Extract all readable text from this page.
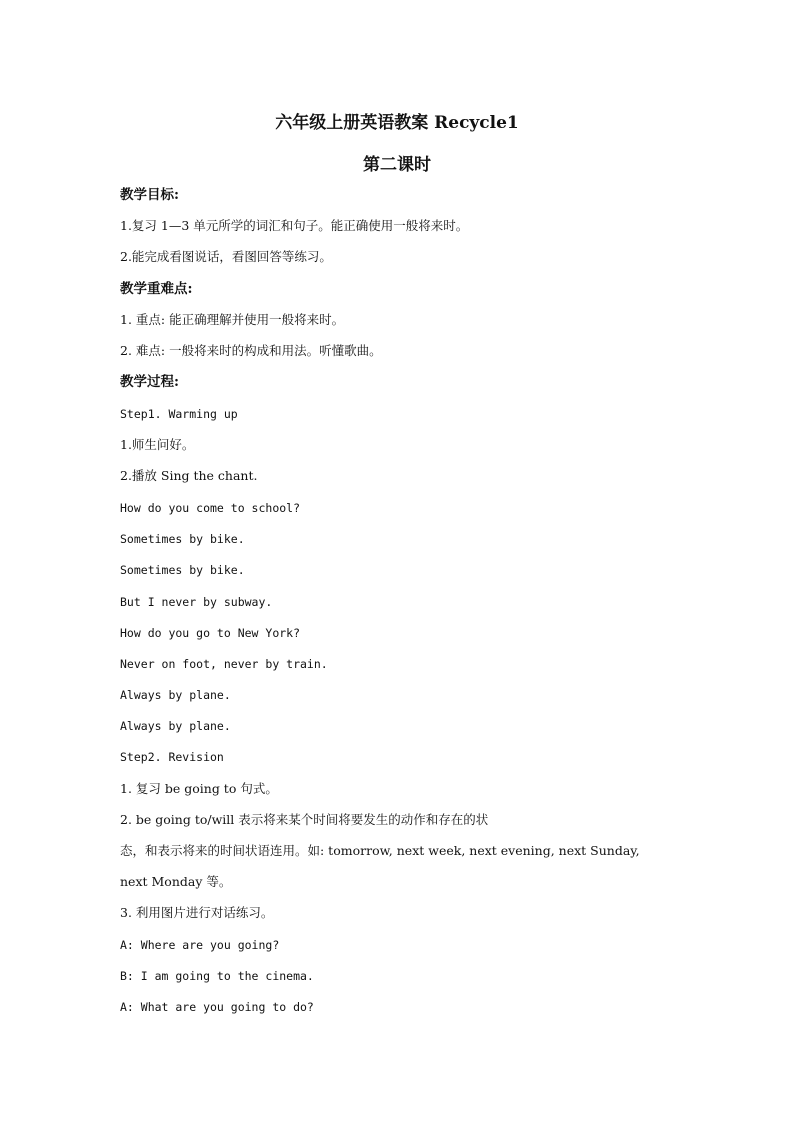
六年级上册英语教案 Recycle1
第二课时
教学目标:
1.复习 1—3 单元所学的词汇和句子。能正确使用一般将来时。
2.能完成看图说话，看图回答等练习。
教学重难点:
1. 重点: 能正确理解并使用一般将来时。
2. 难点: 一般将来时的构成和用法。听懂歌曲。
教学过程:
Step1. Warming up
1.师生问好。
2.播放 Sing the chant.
How do you come to school?
Sometimes by bike.
Sometimes by bike.
But I never by subway.
How do you go to New York?
Never on foot, never by train.
Always by plane.
Always by plane.
Step2. Revision
1. 复习 be going to 句式。
2. be going to/will 表示将来某个时间将要发生的动作和存在的状
态，和表示将来的时间状语连用。如: tomorrow, next week, next evening, next Sunday,
next Monday 等。
3. 利用图片进行对话练习。
A: Where are you going?
B: I am going to the cinema.
A: What are you going to do?
